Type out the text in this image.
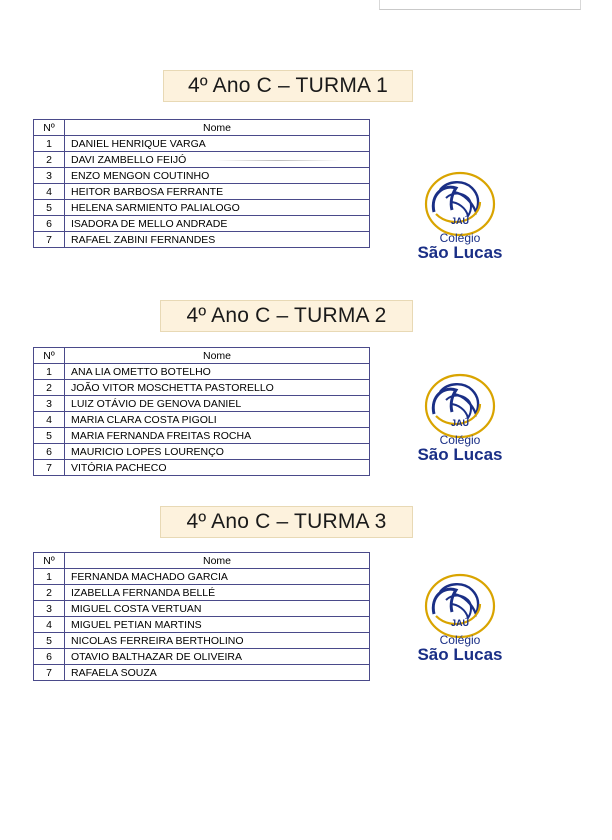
4º Ano C – TURMA 1
Nº	Nome
1	DANIEL HENRIQUE VARGA
2	DAVI ZAMBELLO FEIJÓ
3	ENZO MENGON COUTINHO
4	HEITOR BARBOSA FERRANTE
5	HELENA SARMIENTO PALIALOGO
6	ISADORA DE MELLO ANDRADE
7	RAFAEL ZABINI FERNANDES
JAÚ
Colégio
São Lucas
4º Ano C – TURMA 2
Nº	Nome
1	ANA LIA OMETTO BOTELHO
2	JOÃO VITOR MOSCHETTA PASTORELLO
3	LUIZ OTÁVIO DE GENOVA DANIEL
4	MARIA CLARA COSTA PIGOLI
5	MARIA FERNANDA FREITAS ROCHA
6	MAURICIO LOPES LOURENÇO
7	VITÓRIA PACHECO
JAÚ
Colégio
São Lucas
4º Ano C – TURMA 3
Nº	Nome
1	FERNANDA MACHADO GARCIA
2	IZABELLA FERNANDA BELLÉ
3	MIGUEL COSTA VERTUAN
4	MIGUEL PETIAN MARTINS
5	NICOLAS FERREIRA BERTHOLINO
6	OTAVIO BALTHAZAR DE OLIVEIRA
7	RAFAELA SOUZA
JAÚ
Colégio
São Lucas
